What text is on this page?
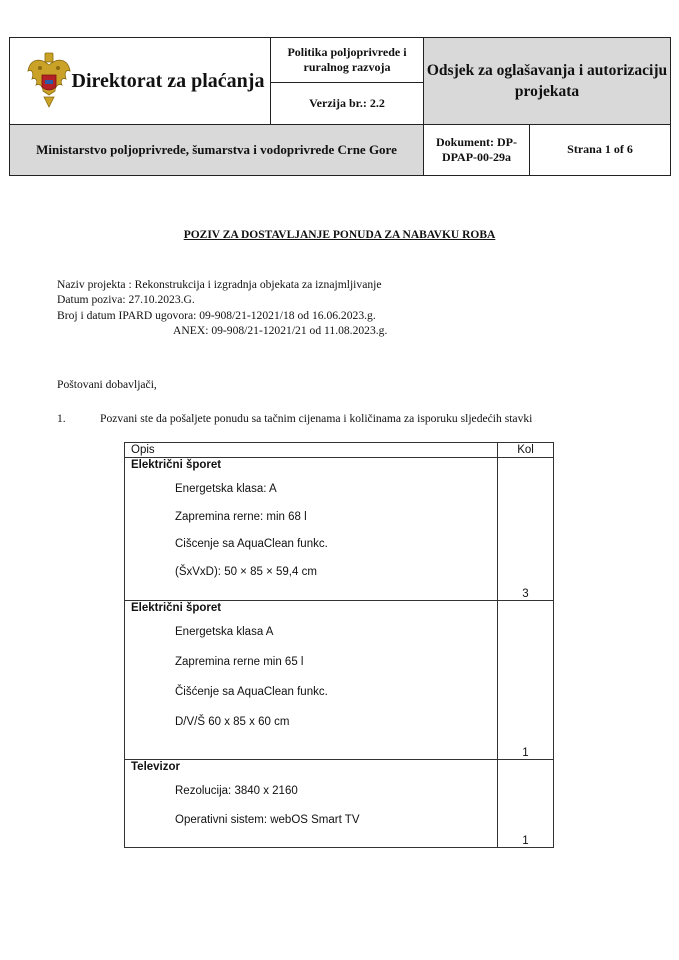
Direktorat za plaćanja	Politika poljoprivrede i ruralnog razvoja	Odsjek za oglašavanja i autorizaciju projekata	
	Verzija br.: 2.2		
Ministarstvo poljoprivrede, šumarstva i vodoprivrede Crne Gore		Dokument: DP-DPAP-00-29a	Strana 1 of 6
POZIV ZA DOSTAVLJANJE PONUDA ZA NABAVKU ROBA
Naziv projekta : Rekonstrukcija i izgradnja objekata za iznajmljivanje
Datum poziva: 27.10.2023.G.
Broj i datum IPARD ugovora: 09-908/21-12021/18 od 16.06.2023.g.
ANEX: 09-908/21-12021/21 od 11.08.2023.g.
Poštovani dobavljači,
1.	Pozvani ste da pošaljete ponudu sa tačnim cijenama i količinama za isporuku sljedećih stavki
Opis	Kol

Električni šporet
Energetska klasa: A
Zapremina rerne: min 68 l
Cišcenje sa AquaClean funkc.
(ŠxVxD): 50 × 85 × 59,4 cm	3

Električni šporet
Energetska klasa A
Zapremina rerne min 65 l
Čišćenje sa AquaClean funkc.
D/V/Š 60 x 85 x 60 cm	1

Televizor
Rezolucija: 3840 x 2160
Operativni sistem: webOS Smart TV	1
